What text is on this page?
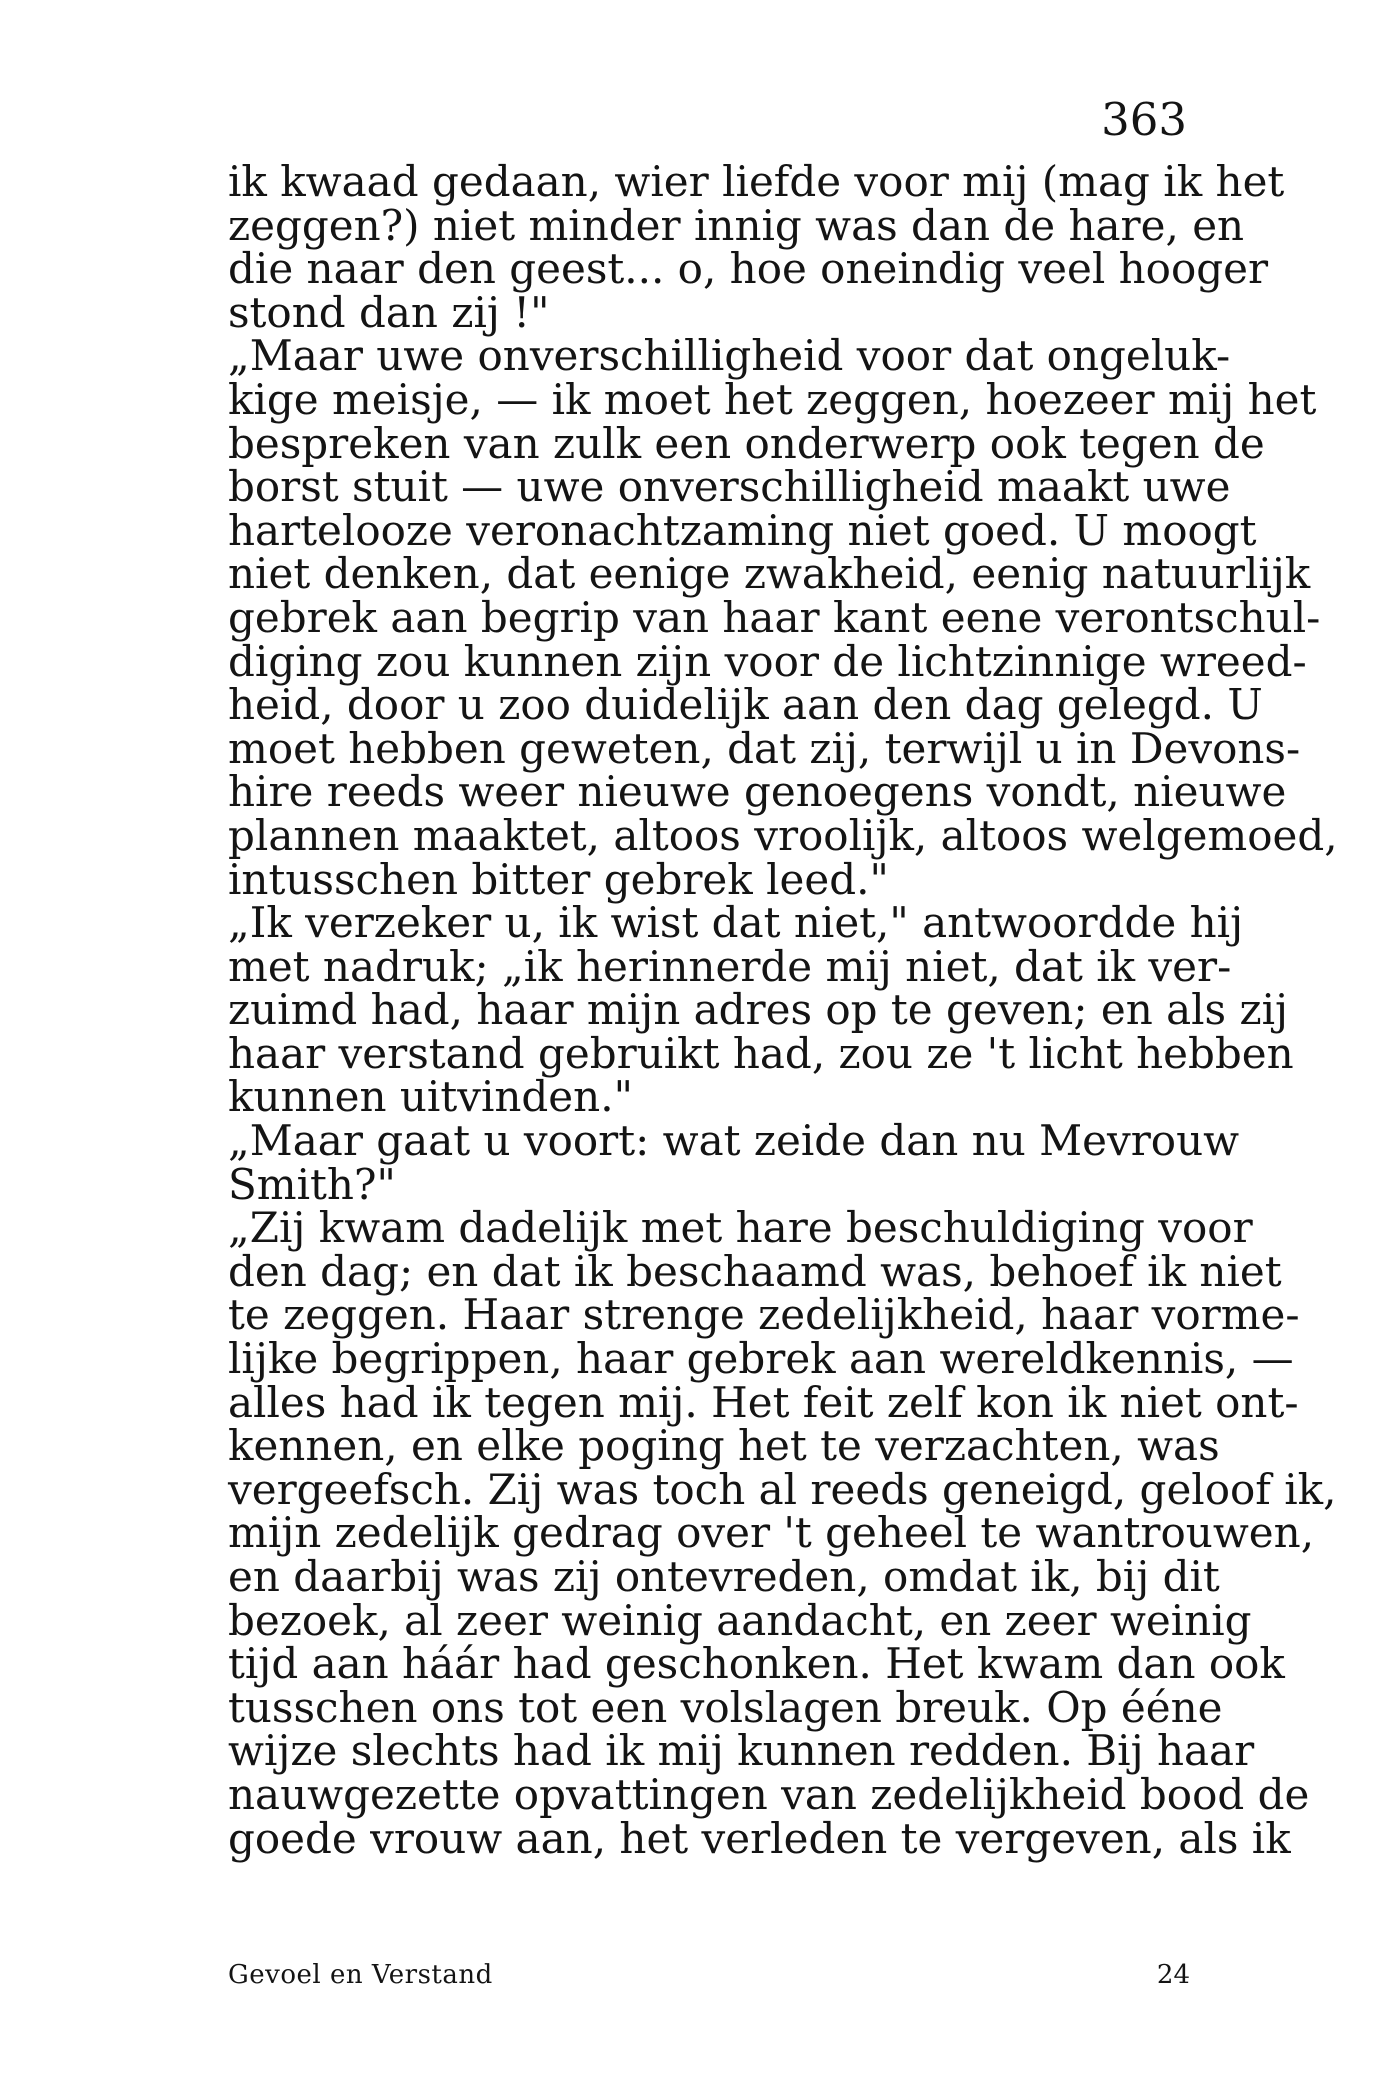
363
ik kwaad gedaan, wier liefde voor mij (mag ik het
zeggen?) niet minder innig was dan de hare, en
die naar den geest... o, hoe oneindig veel hooger
stond dan zij !"
„Maar uwe onverschilligheid voor dat ongeluk-
kige meisje, — ik moet het zeggen, hoezeer mij het
bespreken van zulk een onderwerp ook tegen de
borst stuit — uwe onverschilligheid maakt uwe
hartelooze veronachtzaming niet goed. U moogt
niet denken, dat eenige zwakheid, eenig natuurlijk
gebrek aan begrip van haar kant eene verontschul-
diging zou kunnen zijn voor de lichtzinnige wreed-
heid, door u zoo duidelijk aan den dag gelegd. U
moet hebben geweten, dat zij, terwijl u in Devons-
hire reeds weer nieuwe genoegens vondt, nieuwe
plannen maaktet, altoos vroolijk, altoos welgemoed,
intusschen bitter gebrek leed."
„Ik verzeker u, ik wist dat niet," antwoordde hij
met nadruk; „ik herinnerde mij niet, dat ik ver-
zuimd had, haar mijn adres op te geven; en als zij
haar verstand gebruikt had, zou ze 't licht hebben
kunnen uitvinden."
„Maar gaat u voort: wat zeide dan nu Mevrouw
Smith?"
„Zij kwam dadelijk met hare beschuldiging voor
den dag; en dat ik beschaamd was, behoef ik niet
te zeggen. Haar strenge zedelijkheid, haar vorme-
lijke begrippen, haar gebrek aan wereldkennis, —
alles had ik tegen mij. Het feit zelf kon ik niet ont-
kennen, en elke poging het te verzachten, was
vergeefsch. Zij was toch al reeds geneigd, geloof ik,
mijn zedelijk gedrag over 't geheel te wantrouwen,
en daarbij was zij ontevreden, omdat ik, bij dit
bezoek, al zeer weinig aandacht, en zeer weinig
tijd aan háár had geschonken. Het kwam dan ook
tusschen ons tot een volslagen breuk. Op ééne
wijze slechts had ik mij kunnen redden. Bij haar
nauwgezette opvattingen van zedelijkheid bood de
goede vrouw aan, het verleden te vergeven, als ik
Gevoel en Verstand	24
